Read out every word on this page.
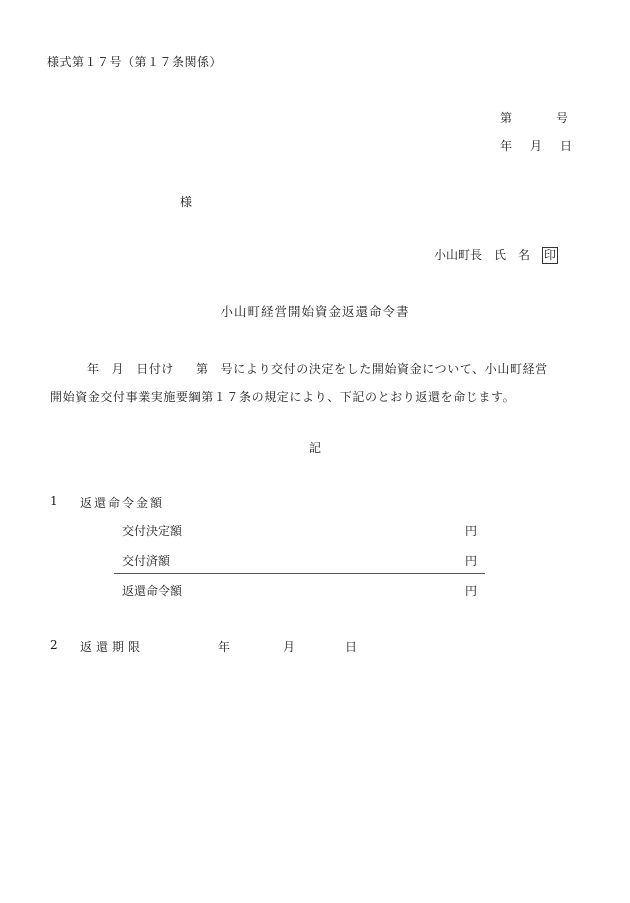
様式第１７号（第１７条関係）
第	号
年 月 日
様
小山町長 氏 名 印
小山町経営開始資金返還命令書
年 月 日付け 第 号により交付の決定をした開始資金について、小山町経営
開始資金交付事業実施要綱第１７条の規定により、下記のとおり返還を命じます。
記
1 返還命令金額
交付決定額	円
交付済額	円
返還命令額	円
2 返還期限	年	月	日
